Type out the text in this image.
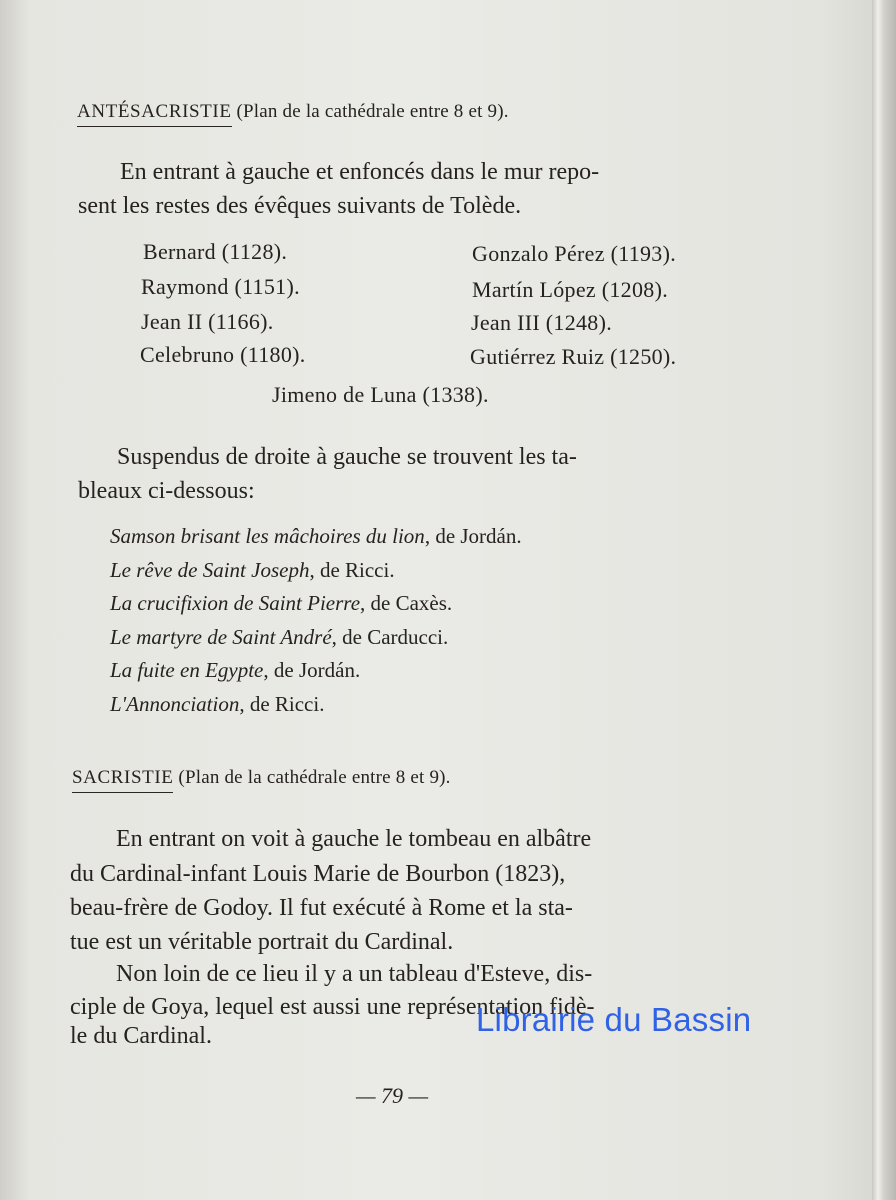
ANTÉSACRISTIE (Plan de la cathédrale entre 8 et 9).
En entrant à gauche et enfoncés dans le mur repo-
sent les restes des évêques suivants de Tolède.
Bernard (1128).
Raymond (1151).
Jean II (1166).
Celebruno (1180).
Gonzalo Pérez (1193).
Martín López (1208).
Jean III (1248).
Gutiérrez Ruiz (1250).
Jimeno de Luna (1338).
Suspendus de droite à gauche se trouvent les ta-
bleaux ci-dessous:
Samson brisant les mâchoires du lion, de Jordán.
Le rêve de Saint Joseph, de Ricci.
La crucifixion de Saint Pierre, de Caxès.
Le martyre de Saint André, de Carducci.
La fuite en Egypte, de Jordán.
L'Annonciation, de Ricci.
SACRISTIE (Plan de la cathédrale entre 8 et 9).
En entrant on voit à gauche le tombeau en albâtre
du Cardinal-infant Louis Marie de Bourbon (1823),
beau-frère de Godoy. Il fut exécuté à Rome et la sta-
tue est un véritable portrait du Cardinal.
Non loin de ce lieu il y a un tableau d'Esteve, dis-
ciple de Goya, lequel est aussi une représentation fidè-
le du Cardinal.	Librairie du Bassin
— 79 —
